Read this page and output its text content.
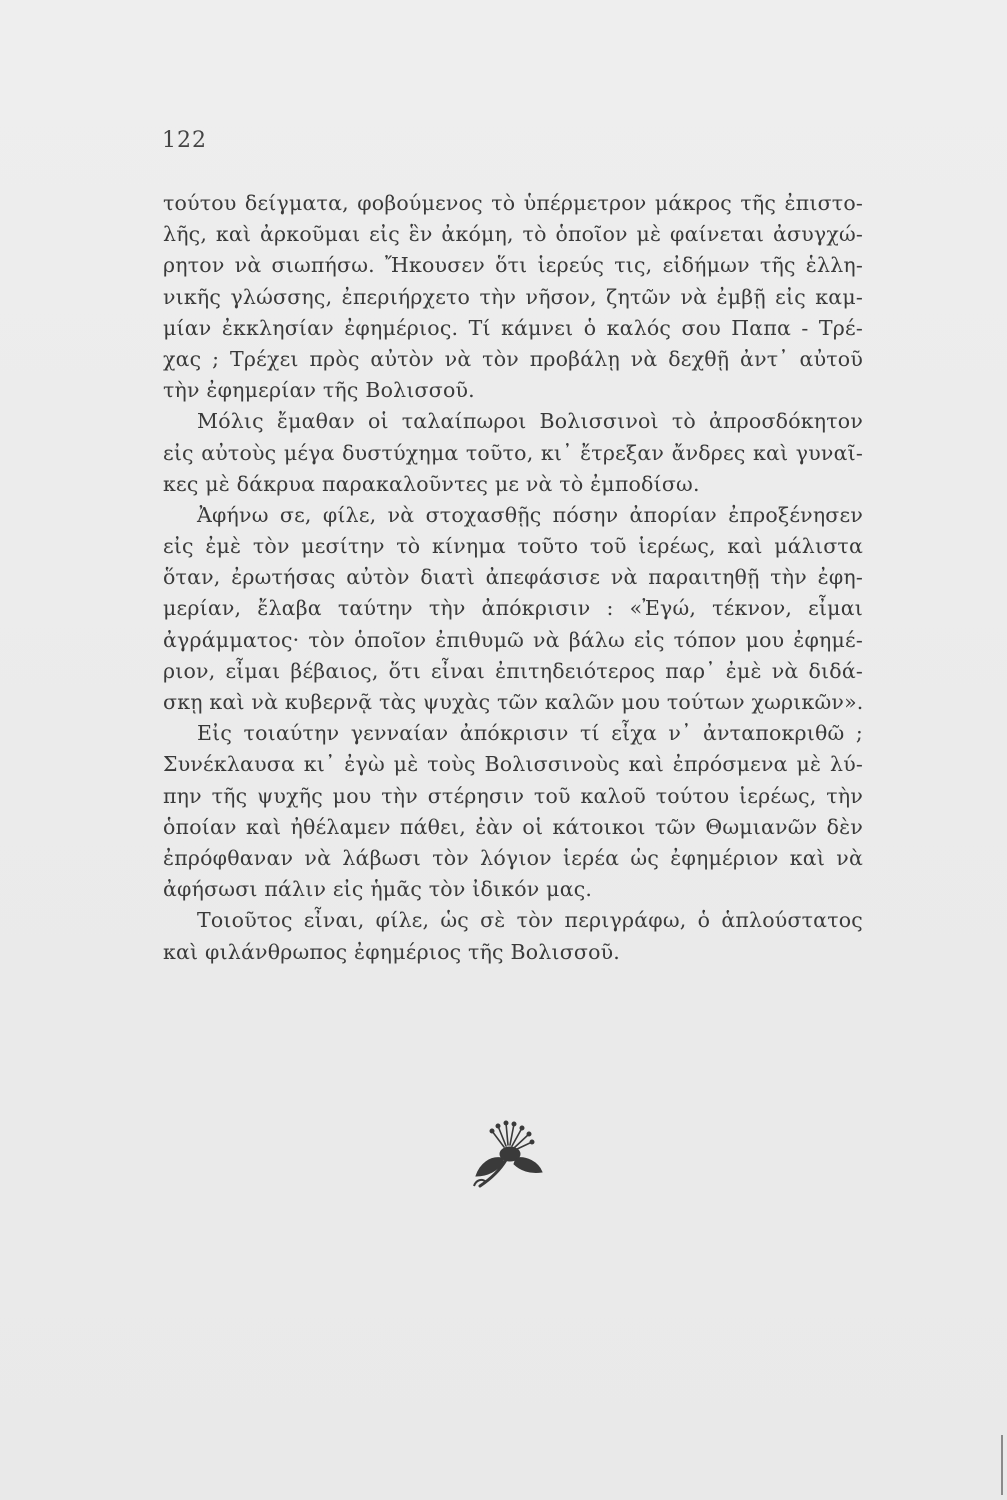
122
τούτου δείγματα, φοβούμενος τὸ ὑπέρμετρον μάκρος τῆς ἐπιστο-
λῆς, καὶ ἀρκοῦμαι εἰς ἓν ἀκόμη, τὸ ὁποῖον μὲ φαίνεται ἀσυγχώ-
ρητον νὰ σιωπήσω. Ἤκουσεν ὅτι ἱερεύς τις, εἰδήμων τῆς ἑλλη-
νικῆς γλώσσης, ἐπεριήρχετο τὴν νῆσον, ζητῶν νὰ ἐμβῇ εἰς καμ-
μίαν ἐκκλησίαν ἐφημέριος. Τί κάμνει ὁ καλός σου Παπα - Τρέ-
χας ; Τρέχει πρὸς αὐτὸν νὰ τὸν προβάλῃ νὰ δεχθῇ ἀντ᾽ αὐτοῦ
τὴν ἐφημερίαν τῆς Βολισσοῦ.
Μόλις ἔμαθαν οἱ ταλαίπωροι Βολισσινοὶ τὸ ἀπροσδόκητον
εἰς αὐτοὺς μέγα δυστύχημα τοῦτο, κι᾽ ἔτρεξαν ἄνδρες καὶ γυναῖ-
κες μὲ δάκρυα παρακαλοῦντες με νὰ τὸ ἐμποδίσω.
Ἀφήνω σε, φίλε, νὰ στοχασθῇς πόσην ἀπορίαν ἐπροξένησεν
εἰς ἐμὲ τὸν μεσίτην τὸ κίνημα τοῦτο τοῦ ἱερέως, καὶ μάλιστα
ὅταν, ἐρωτήσας αὐτὸν διατὶ ἀπεφάσισε νὰ παραιτηθῇ τὴν ἐφη-
μερίαν, ἔλαβα ταύτην τὴν ἀπόκρισιν : «Ἐγώ, τέκνον, εἶμαι
ἀγράμματος· τὸν ὁποῖον ἐπιθυμῶ νὰ βάλω εἰς τόπον μου ἐφημέ-
ριον, εἶμαι βέβαιος, ὅτι εἶναι ἐπιτηδειότερος παρ᾽ ἐμὲ νὰ διδά-
σκῃ καὶ νὰ κυβερνᾷ τὰς ψυχὰς τῶν καλῶν μου τούτων χωρικῶν».
Εἰς τοιαύτην γενναίαν ἀπόκρισιν τί εἶχα ν᾽ ἀνταποκριθῶ ;
Συνέκλαυσα κι᾽ ἐγὼ μὲ τοὺς Βολισσινοὺς καὶ ἐπρόσμενα μὲ λύ-
πην τῆς ψυχῆς μου τὴν στέρησιν τοῦ καλοῦ τούτου ἱερέως, τὴν
ὁποίαν καὶ ἠθέλαμεν πάθει, ἐὰν οἱ κάτοικοι τῶν Θωμιανῶν δὲν
ἐπρόφθαναν νὰ λάβωσι τὸν λόγιον ἱερέα ὡς ἐφημέριον καὶ νὰ
ἀφήσωσι πάλιν εἰς ἡμᾶς τὸν ἰδικόν μας.
Τοιοῦτος εἶναι, φίλε, ὡς σὲ τὸν περιγράφω, ὁ ἁπλούστατος
καὶ φιλάνθρωπος ἐφημέριος τῆς Βολισσοῦ.
